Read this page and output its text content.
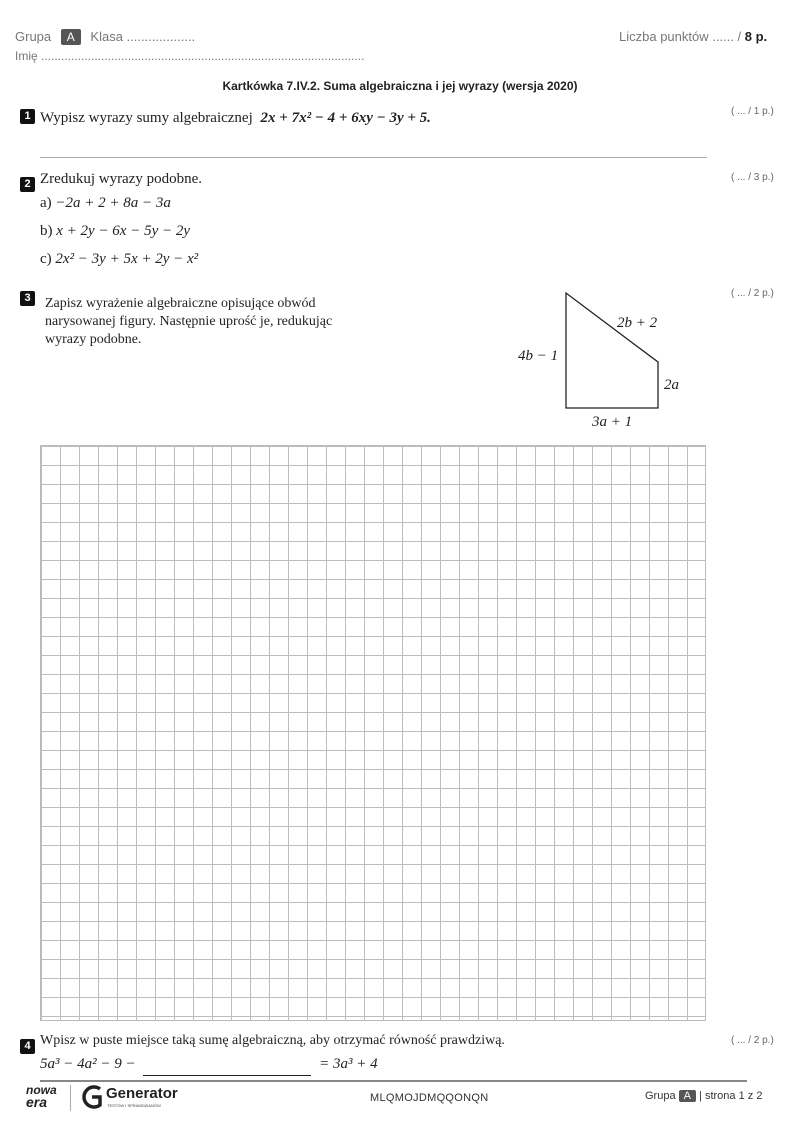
Grupa A Klasa ...................
Imię .................................................................................................
Liczba punktów ...... / 8 p.
Kartkówka 7.IV.2. Suma algebraiczna i jej wyrazy (wersja 2020)
1 Wypisz wyrazy sumy algebraicznej 2x + 7x² − 4 + 6xy − 3y + 5.	( ... / 1 p.)
2 Zredukuj wyrazy podobne.	( ... / 3 p.)
a) −2a + 2 + 8a − 3a
b) x + 2y − 6x − 5y − 2y
c) 2x² − 3y + 5x + 2y − x²
3	Zapisz wyrażenie algebraiczne opisujące obwód
narysowanej figury. Następnie uprość je, redukując
wyrazy podobne.
( ... / 2 p.)
4b − 1
2b + 2
2a
3a + 1
4 Wpisz w puste miejsce taką sumę algebraiczną, aby otrzymać równość prawdziwą.	( ... / 2 p.)
5a³ − 4a² − 9 −	= 3a³ + 4
nowa
era	Generator
TESTÓW I SPRAWDZIANÓW
MLQMOJDMQQONQN	Grupa A | strona 1 z 2
